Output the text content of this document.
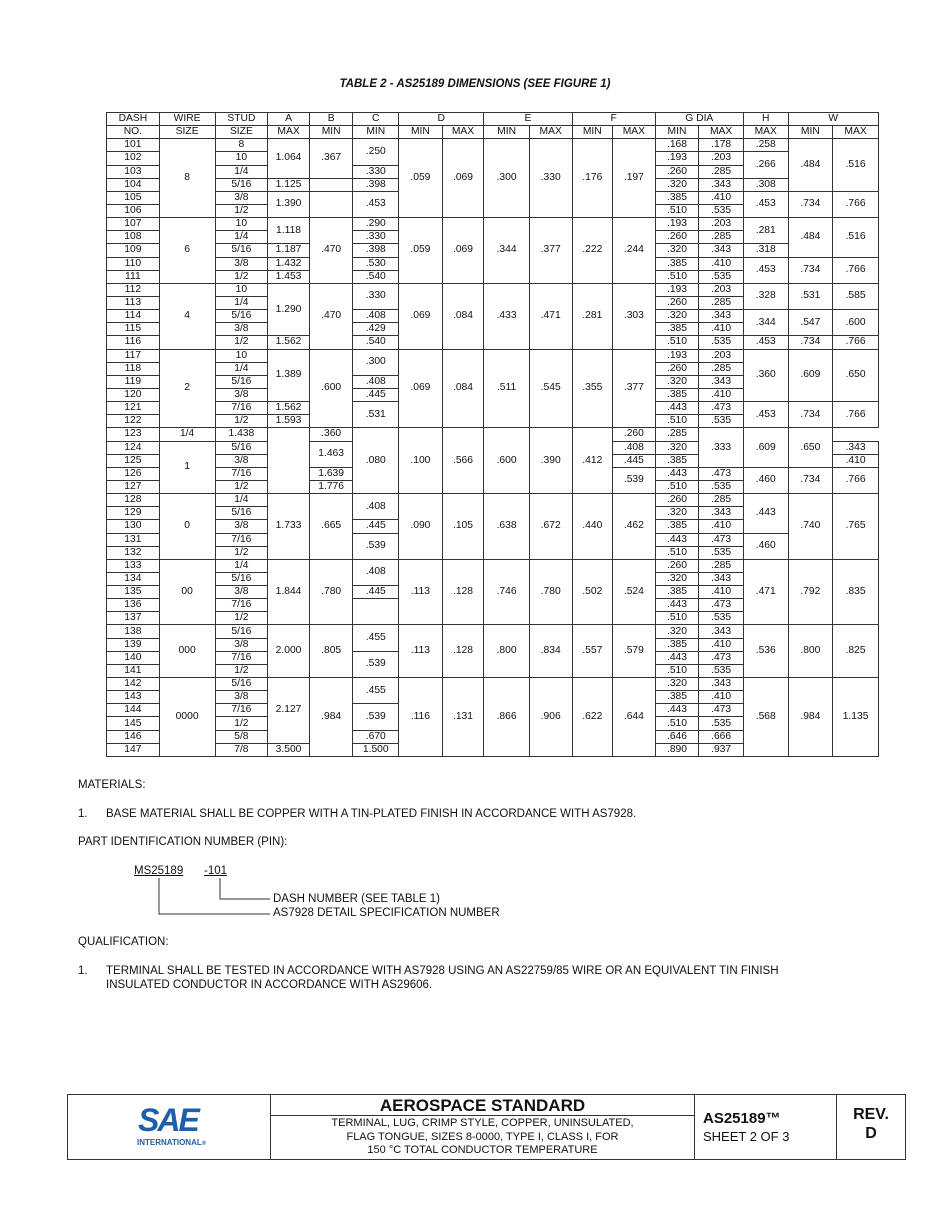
TABLE 2 - AS25189 DIMENSIONS (SEE FIGURE 1)
DASH	WIRE	STUD	A	B	C	D		E		F		G DIA		H	W	
NO.	SIZE	SIZE	MAX	MIN	MIN	MIN	MAX	MIN	MAX	MIN	MAX	MIN	MAX	MAX	MIN	MAX
101	8	8	1.064	.367	.250	.059	.069	.300	.330	.176	.197	.168	.178	.258	.484	.516
102		10										.193	.203	.266		
103		1/4			.330							.260	.285			
104		5/16	1.125		.398							.320	.343	.308		
105		3/8	1.390		.453							.385	.410	.453	.734	.766
106		1/2										.510	.535			
107	6	10	1.118	.470	.290	.059	.069	.344	.377	.222	.244	.193	.203	.281	.484	.516
108		1/4			.330							.260	.285			
109		5/16	1.187		.398							.320	.343	.318		
110		3/8	1.432		.530							.385	.410	.453	.734	.766
111		1/2	1.453		.540							.510	.535			
112	4	10	1.290	.470	.330	.069	.084	.433	.471	.281	.303	.193	.203	.328	.531	.585
113		1/4										.260	.285			
114		5/16			.408							.320	.343	.344	.547	.600
115		3/8			.429							.385	.410			
116		1/2	1.562		.540							.510	.535	.453	.734	.766
117	2	10	1.389	.600	.300	.069	.084	.511	.545	.355	.377	.193	.203	.360	.609	.650
118		1/4										.260	.285			
119		5/16			.408							.320	.343			
120		3/8			.445							.385	.410			
121		7/16	1.562		.531							.443	.473	.453	.734	.766
122		1/2	1.593									.510	.535			
123	1/4	1.438		.360	.080	.100	.566	.600	.390	.412	.260	.285	.333	.609	.650	
124	1	5/16		1.463							.408	.320				.343
125		3/8									.445	.385				.410
126		7/16		1.639							.539	.443	.473	.460	.734	.766
127		1/2		1.776								.510	.535			
128	0	1/4	1.733	.665	.408	.090	.105	.638	.672	.440	.462	.260	.285	.443	.740	.765
129		5/16										.320	.343			
130		3/8			.445							.385	.410			
131		7/16			.539							.443	.473	.460		
132		1/2										.510	.535			
133	00	1/4	1.844	.780	.408	.113	.128	.746	.780	.502	.524	.260	.285	.471	.792	.835
134		5/16										.320	.343			
135		3/8			.445							.385	.410			
136		7/16										.443	.473			
137		1/2										.510	.535			
138	000	5/16	2.000	.805	.455	.113	.128	.800	.834	.557	.579	.320	.343	.536	.800	.825
139		3/8										.385	.410			
140		7/16			.539							.443	.473			
141		1/2										.510	.535			
142	0000	5/16	2.127	.984	.455	.116	.131	.866	.906	.622	.644	.320	.343	.568	.984	1.135
143		3/8										.385	.410			
144		7/16			.539							.443	.473			
145		1/2										.510	.535			
146		5/8			.670							.646	.666			
147		7/8	3.500		1.500							.890	.937			
MATERIALS:
1. BASE MATERIAL SHALL BE COPPER WITH A TIN-PLATED FINISH IN ACCORDANCE WITH AS7928.
PART IDENTIFICATION NUMBER (PIN):
MS25189 -101
DASH NUMBER (SEE TABLE 1)
AS7928 DETAIL SPECIFICATION NUMBER
QUALIFICATION:
1. TERMINAL SHALL BE TESTED IN ACCORDANCE WITH AS7928 USING AN AS22759/85 WIRE OR AN EQUIVALENT TIN FINISH
INSULATED CONDUCTOR IN ACCORDANCE WITH AS29606.
SAE
INTERNATIONAL®
AEROSPACE STANDARD
TERMINAL, LUG, CRIMP STYLE, COPPER, UNINSULATED,
FLAG TONGUE, SIZES 8-0000, TYPE I, CLASS I, FOR
150 °C TOTAL CONDUCTOR TEMPERATURE
AS25189™
SHEET 2 OF 3
REV.
D
